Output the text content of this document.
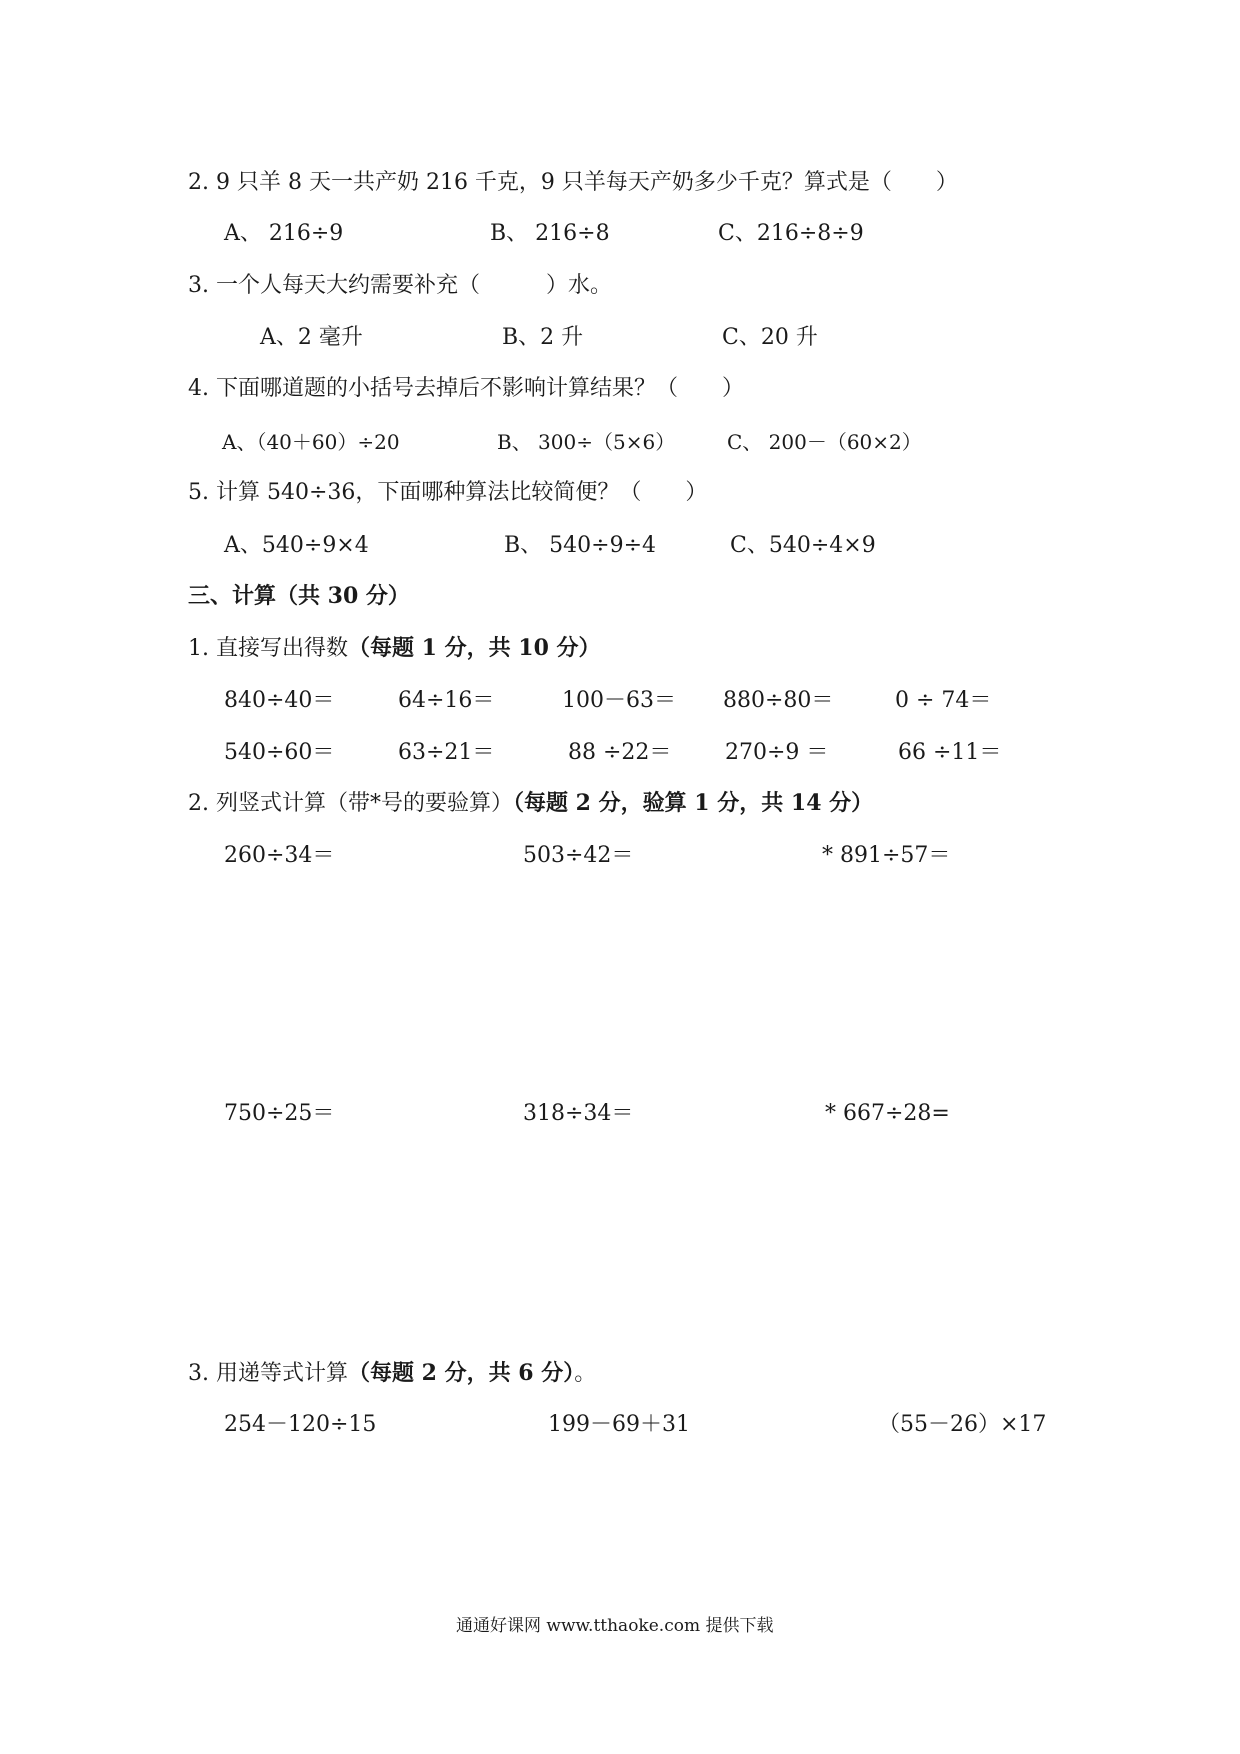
2. 9 只羊 8 天一共产奶 216 千克，9 只羊每天产奶多少千克？算式是（　　）
A、 216÷9	B、 216÷8	C、216÷8÷9
3. 一个人每天大约需要补充（　　　）水。
A、2 毫升	B、2 升	C、20 升
4. 下面哪道题的小括号去掉后不影响计算结果？（　　）
A、（40＋60）÷20	B、 300÷（5×6）	C、 200－（60×2）
5. 计算 540÷36，下面哪种算法比较简便？（　　）
A、540÷9×4	B、 540÷9÷4	C、540÷4×9
三、计算（共 30 分）
1. 直接写出得数（每题 1 分，共 10 分）
840÷40＝	64÷16＝	100－63＝ 880÷80＝	0 ÷ 74＝
540÷60＝	63÷21＝	88 ÷22＝ 270÷9 ＝	66 ÷11＝
2. 列竖式计算（带*号的要验算）（每题 2 分，验算 1 分，共 14 分）
260÷34＝	503÷42＝	* 891÷57＝
750÷25＝	318÷34＝	* 667÷28=
3. 用递等式计算（每题 2 分，共 6 分）。
254－120÷15	199－69＋31	（55－26）×17
通通好课网 www.tthaoke.com 提供下载
